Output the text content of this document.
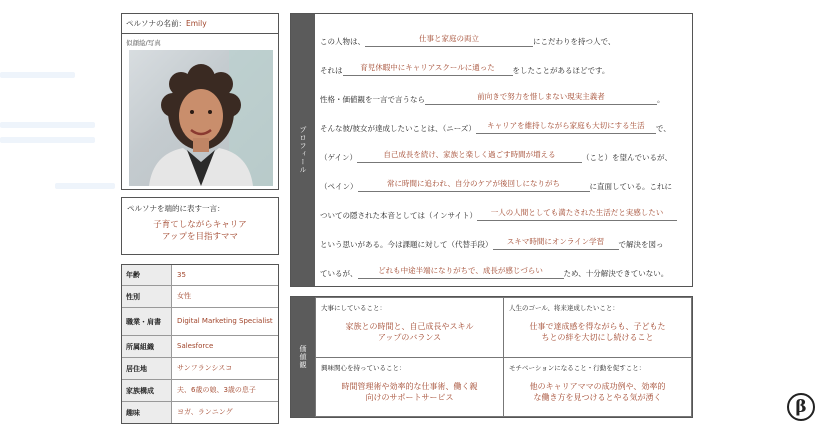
ペルソナの名前：Emily
似顔絵/写真
ペルソナを端的に表す一言：
子育てしながらキャリア
アップを目指すママ
年齢	35
性別	女性
職業・肩書	Digital Marketing Specialist
所属組織	Salesforce
居住地	サンフランシスコ
家族構成	夫、6歳の娘、3歳の息子
趣味	ヨガ、ランニング
プロフィール
この人物は、	仕事と家庭の両立	にこだわりを持つ人で、
それは	育児休暇中にキャリアスクールに通った	をしたことがあるほどです。
性格・価値観を一言で言うなら	前向きで努力を惜しまない現実主義者	。
そんな彼/彼女が達成したいことは、（ニーズ）	キャリアを維持しながら家庭も大切にする生活	で、
（ゲイン）	自己成長を続け、家族と楽しく過ごす時間が増える	（こと）を望んでいるが、
（ペイン）	常に時間に追われ、自分のケアが後回しになりがち	に直面している。これに
ついての隠された本音としては（インサイト）	一人の人間としても満たされた生活だと実感したい
という思いがある。今は課題に対して（代替手段）	スキマ時間にオンライン学習	で解決を図っ
ているが、	どれも中途半端になりがちで、成長が感じづらい	ため、十分解決できていない。
価値観
大事にしていること：
家族との時間と、自己成長やスキル
アップのバランス
人生のゴール、将来達成したいこと：
仕事で達成感を得ながらも、子どもた
ちとの絆を大切にし続けること
興味関心を持っていること：
時間管理術や効率的な仕事術、働く親
向けのサポートサービス
モチベーションになること・行動を促すこと：
他のキャリアママの成功例や、効率的
な働き方を見つけるとやる気が湧く	β
